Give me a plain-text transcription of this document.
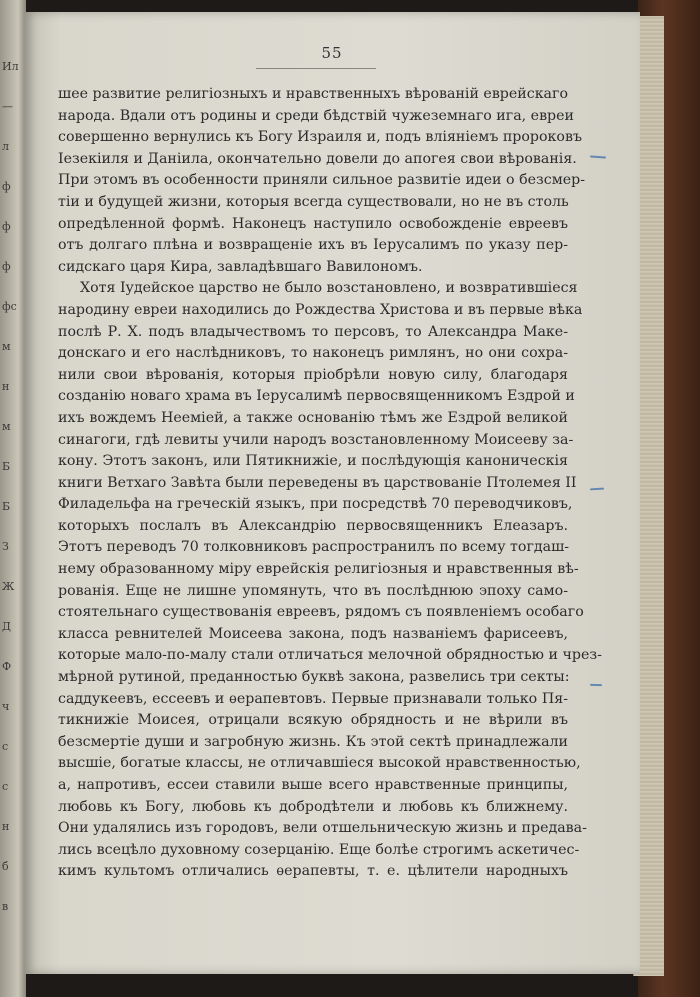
Ил
—
л
ф
ф
ф
фс
м
н
м
Б
Б
З
Ж
Д
Ф
ч
с
с
н
б
в
55
шее развитие религіозныхъ и нравственныхъ вѣрованій еврейскаго
народа. Вдали отъ родины и среди бѣдствій чужеземнаго ига, евреи
совершенно вернулись къ Богу Израиля и, подъ вліяніемъ пророковъ
Іезекіиля и Даніила, окончательно довели до апогея свои вѣрованія.
При этомъ въ особенности приняли сильное развитіе идеи о безсмер-
тіи и будущей жизни, которыя всегда существовали, но не въ столь
опредѣленной формѣ. Наконецъ наступило освобожденіе евреевъ
отъ долгаго плѣна и возвращеніе ихъ въ Іерусалимъ по указу пер-
сидскаго царя Кира, завладѣвшаго Вавилономъ.
Хотя Іудейское царство не было возстановлено, и возвратившіеся
народину евреи находились до Рождества Христова и въ первые вѣка
послѣ Р. Х. подъ владычествомъ то персовъ, то Александра Маке-
донскаго и его наслѣдниковъ, то наконецъ римлянъ, но они сохра-
нили свои вѣрованія, которыя пріобрѣли новую силу, благодаря
созданію новаго храма въ Іерусалимѣ первосвященникомъ Ездрой и
ихъ вождемъ Неемiей, а также основанію тѣмъ же Ездрой великой
синагоги, гдѣ левиты учили народъ возстановленному Моисееву за-
кону. Этотъ законъ, или Пятикнижіе, и послѣдующія каноническія
книги Ветхаго Завѣта были переведены въ царствованіе Птолемея II
Филадельфа на греческій языкъ, при посредствѣ 70 переводчиковъ,
которыхъ послалъ въ Александрію первосвященникъ Елеазаръ.
Этотъ переводъ 70 толковниковъ распространилъ по всему тогдаш-
нему образованному міру еврейскія религіозныя и нравственныя вѣ-
рованія. Еще не лишне упомянуть, что въ послѣднюю эпоху само-
стоятельнаго существованія евреевъ, рядомъ съ появленіемъ особаго
класса ревнителей Моисеева закона, подъ названіемъ фарисеевъ,
которые мало-по-малу стали отличаться мелочной обрядностью и чрез-
мѣрной рутиной, преданностью буквѣ закона, развелись три секты:
саддукеевъ, ессеевъ и ѳерапевтовъ. Первые признавали только Пя-
тикнижіе Моисея, отрицали всякую обрядность и не вѣрили въ
безсмертіе души и загробную жизнь. Къ этой сектѣ принадлежали
высшіе, богатые классы, не отличавшіеся высокой нравственностью,
а, напротивъ, ессеи ставили выше всего нравственные принципы,
любовь къ Богу, любовь къ добродѣтели и любовь къ ближнему.
Они удалялись изъ городовъ, вели отшельническую жизнь и предава-
лись всецѣло духовному созерцанію. Еще болѣе строгимъ аскетичес-
кимъ культомъ отличались ѳерапевты, т. е. цѣлители народныхъ
